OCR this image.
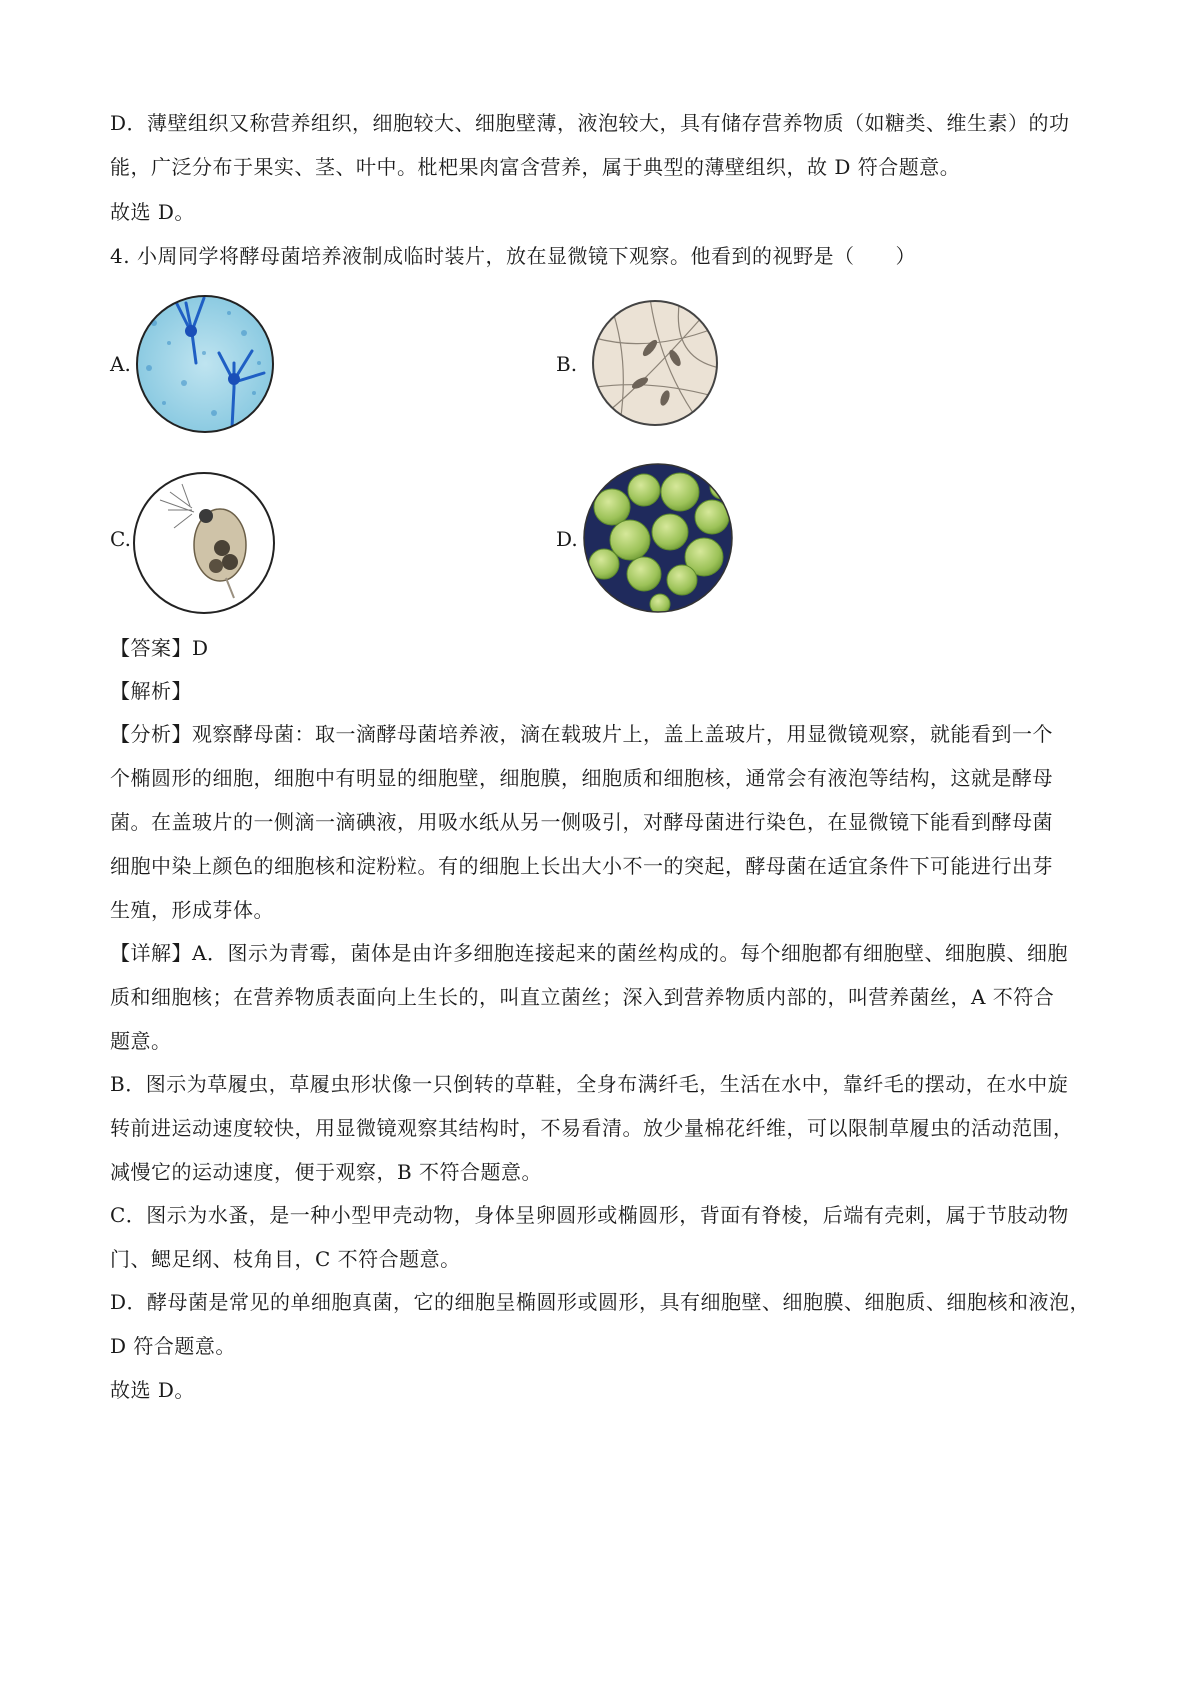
D．薄壁组织又称营养组织，细胞较大、细胞壁薄，液泡较大，具有储存营养物质（如糖类、维生素）的功

能，广泛分布于果实、茎、叶中。枇杷果肉富含营养，属于典型的薄壁组织，故 D 符合题意。

故选 D。

4. 小周同学将酵母菌培养液制成临时装片，放在显微镜下观察。他看到的视野是（　　）

A.	B.
C.	D.

【答案】D

【解析】

【分析】观察酵母菌：取一滴酵母菌培养液，滴在载玻片上，盖上盖玻片，用显微镜观察，就能看到一个

个椭圆形的细胞，细胞中有明显的细胞壁，细胞膜，细胞质和细胞核，通常会有液泡等结构，这就是酵母

菌。在盖玻片的一侧滴一滴碘液，用吸水纸从另一侧吸引，对酵母菌进行染色，在显微镜下能看到酵母菌

细胞中染上颜色的细胞核和淀粉粒。有的细胞上长出大小不一的突起，酵母菌在适宜条件下可能进行出芽

生殖，形成芽体。

【详解】A．图示为青霉，菌体是由许多细胞连接起来的菌丝构成的。每个细胞都有细胞壁、细胞膜、细胞

质和细胞核；在营养物质表面向上生长的，叫直立菌丝；深入到营养物质内部的，叫营养菌丝，A 不符合

题意。

B．图示为草履虫，草履虫形状像一只倒转的草鞋，全身布满纤毛，生活在水中，靠纤毛的摆动，在水中旋

转前进运动速度较快，用显微镜观察其结构时，不易看清。放少量棉花纤维，可以限制草履虫的活动范围，

减慢它的运动速度，便于观察，B 不符合题意。

C．图示为水蚤，是一种小型甲壳动物，身体呈卵圆形或椭圆形，背面有脊棱，后端有壳刺，属于节肢动物

门、鳃足纲、枝角目，C 不符合题意。

D．酵母菌是常见的单细胞真菌，它的细胞呈椭圆形或圆形，具有细胞壁、细胞膜、细胞质、细胞核和液泡，

D 符合题意。

故选 D。
